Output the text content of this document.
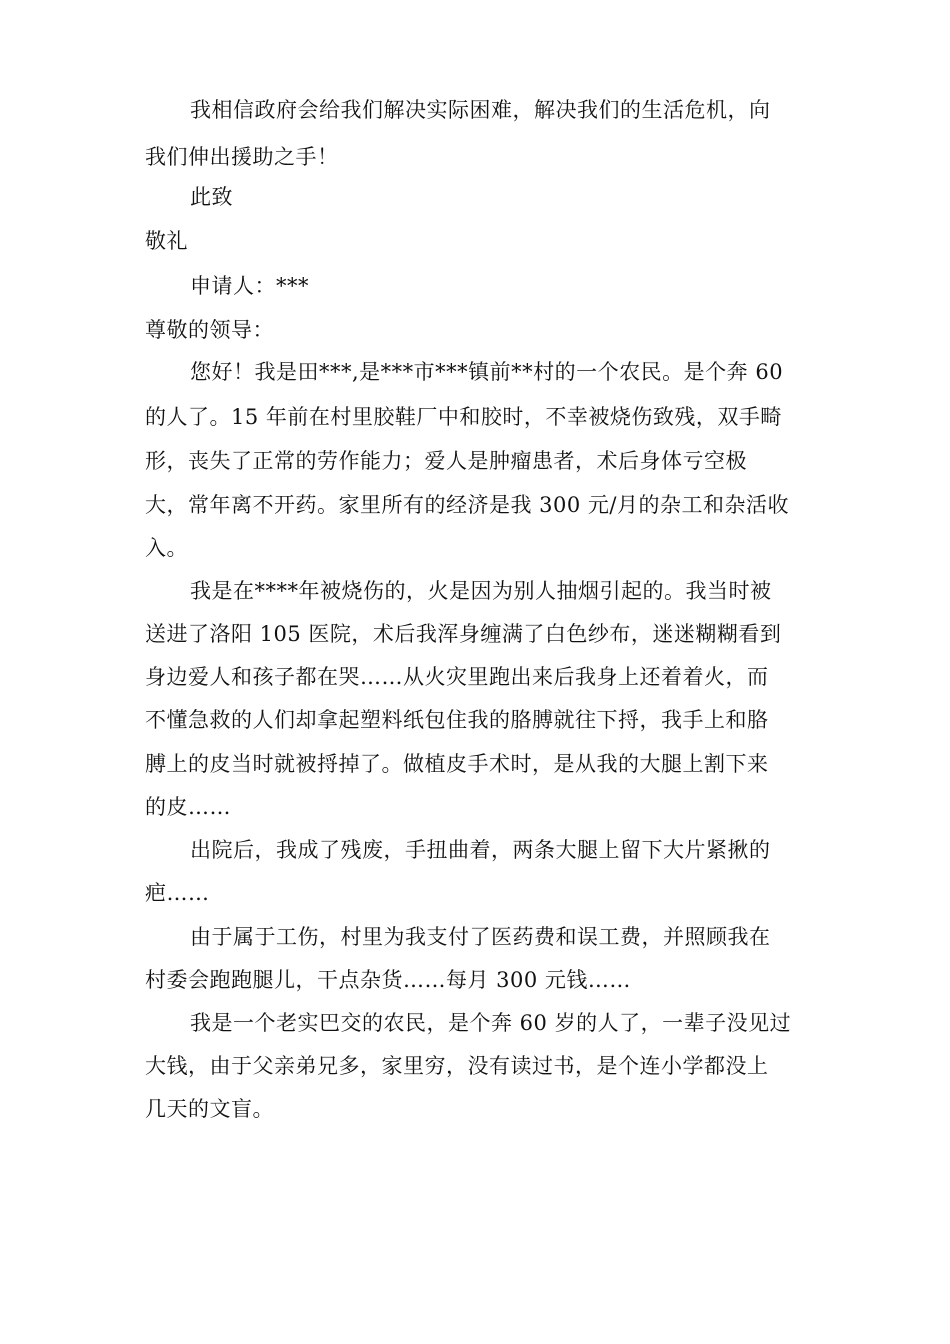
我相信政府会给我们解决实际困难，解决我们的生活危机，向
我们伸出援助之手！
此致
敬礼
申请人：***
尊敬的领导：
您好！我是田***,是***市***镇前**村的一个农民。是个奔 60
的人了。15 年前在村里胶鞋厂中和胶时，不幸被烧伤致残，双手畸
形，丧失了正常的劳作能力；爱人是肿瘤患者，术后身体亏空极
大，常年离不开药。家里所有的经济是我 300 元/月的杂工和杂活收
入。
我是在****年被烧伤的，火是因为别人抽烟引起的。我当时被
送进了洛阳 105 医院，术后我浑身缠满了白色纱布，迷迷糊糊看到
身边爱人和孩子都在哭……从火灾里跑出来后我身上还着着火，而
不懂急救的人们却拿起塑料纸包住我的胳膊就往下捋，我手上和胳
膊上的皮当时就被捋掉了。做植皮手术时，是从我的大腿上割下来
的皮……
出院后，我成了残废，手扭曲着，两条大腿上留下大片紧揪的
疤……
由于属于工伤，村里为我支付了医药费和误工费，并照顾我在
村委会跑跑腿儿，干点杂货……每月 300 元钱……
我是一个老实巴交的农民，是个奔 60 岁的人了，一辈子没见过
大钱，由于父亲弟兄多，家里穷，没有读过书，是个连小学都没上
几天的文盲。
